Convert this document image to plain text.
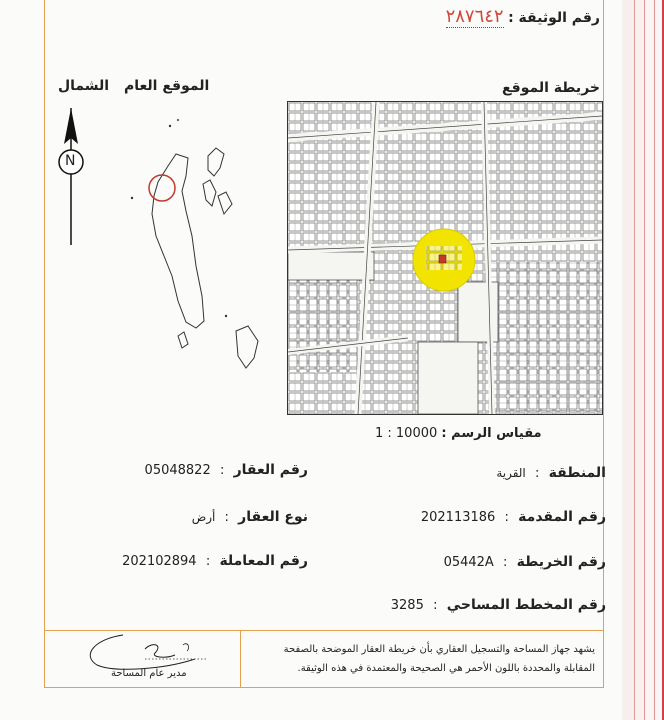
رقم الوثيقة : ٢٨٧٦٤٢
خريطة الموقع
الموقع العام
الشمال
N
مقياس الرسم : 1 : 10000
المنطقة  :  القرية
رقم المقدمة  :  202113186
رقم الخريطة  :  05442A
رقم المخطط المساحي  :  3285
رقم العقار  :  05048822
نوع العقار  :  أرض
رقم المعاملة  :  202102894
يشهد جهاز المساحة والتسجيل العقاري بأن خريطة العقار الموضحة بالصفحة المقابلة والمحددة باللون الأحمر هي الصحيحة والمعتمدة في هذه الوثيقة.
مدير عام المساحة
